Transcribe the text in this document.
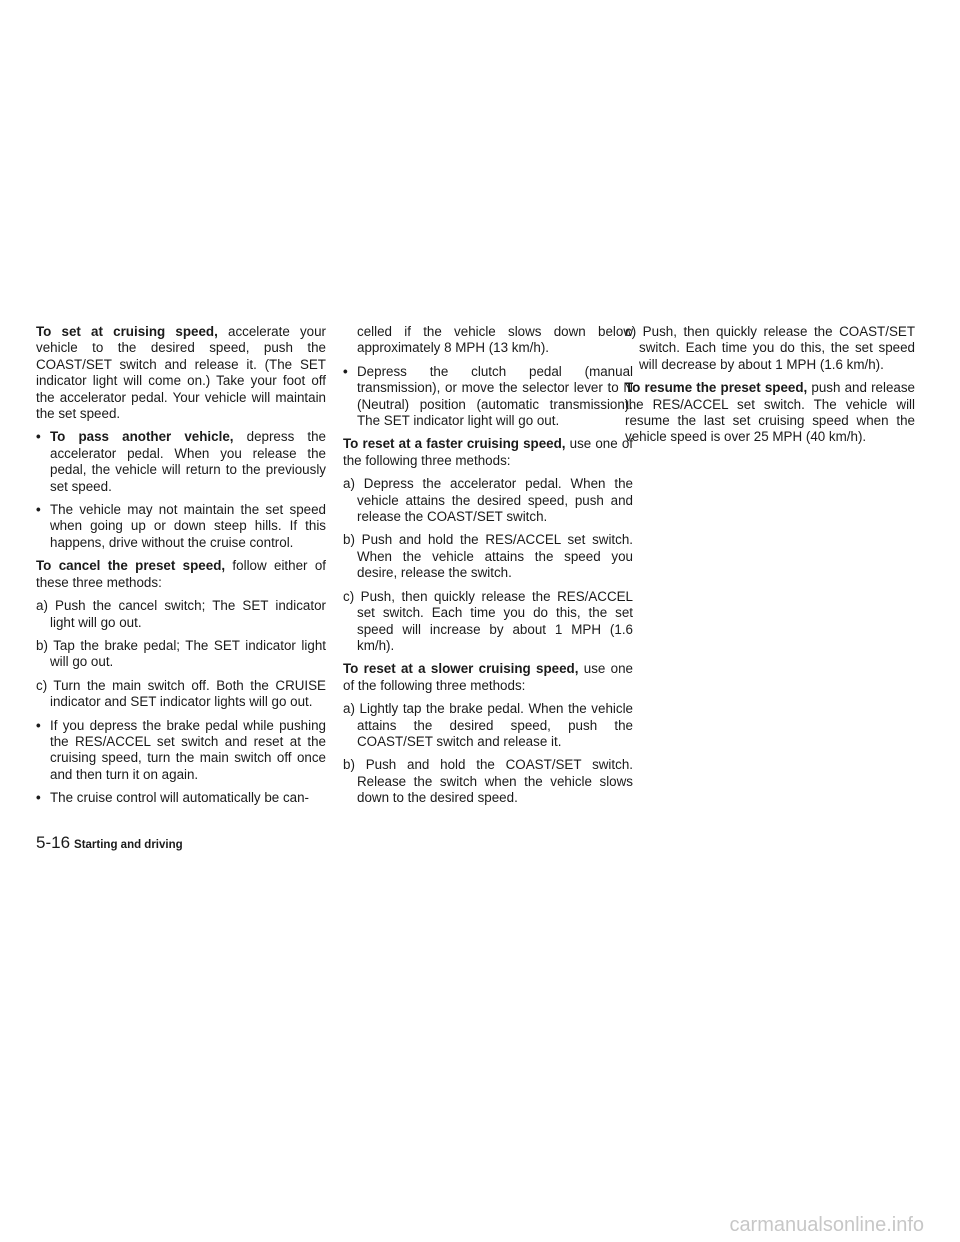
To set at cruising speed, accelerate your vehicle to the desired speed, push the COAST/SET switch and release it. (The SET indicator light will come on.) Take your foot off the accelerator pedal. Your vehicle will maintain the set speed.

• To pass another vehicle, depress the accelerator pedal. When you release the pedal, the vehicle will return to the previously set speed.
• The vehicle may not maintain the set speed when going up or down steep hills. If this happens, drive without the cruise control.

To cancel the preset speed, follow either of these three methods:

a) Push the cancel switch; The SET indicator light will go out.
b) Tap the brake pedal; The SET indicator light will go out.
c) Turn the main switch off. Both the CRUISE indicator and SET indicator lights will go out.
• If you depress the brake pedal while pushing the RES/ACCEL set switch and reset at the cruising speed, turn the main switch off once and then turn it on again.
• The cruise control will automatically be can-
celled if the vehicle slows down below approximately 8 MPH (13 km/h).
• Depress the clutch pedal (manual transmission), or move the selector lever to N (Neutral) position (automatic transmission). The SET indicator light will go out.

To reset at a faster cruising speed, use one of the following three methods:

a) Depress the accelerator pedal. When the vehicle attains the desired speed, push and release the COAST/SET switch.
b) Push and hold the RES/ACCEL set switch. When the vehicle attains the speed you desire, release the switch.
c) Push, then quickly release the RES/ACCEL set switch. Each time you do this, the set speed will increase by about 1 MPH (1.6 km/h).

To reset at a slower cruising speed, use one of the following three methods:

a) Lightly tap the brake pedal. When the vehicle attains the desired speed, push the COAST/SET switch and release it.
b) Push and hold the COAST/SET switch. Release the switch when the vehicle slows down to the desired speed.
c) Push, then quickly release the COAST/SET switch. Each time you do this, the set speed will decrease by about 1 MPH (1.6 km/h).

To resume the preset speed, push and release the RES/ACCEL set switch. The vehicle will resume the last set cruising speed when the vehicle speed is over 25 MPH (40 km/h).

5-16 Starting and driving
carmanualsonline.info
